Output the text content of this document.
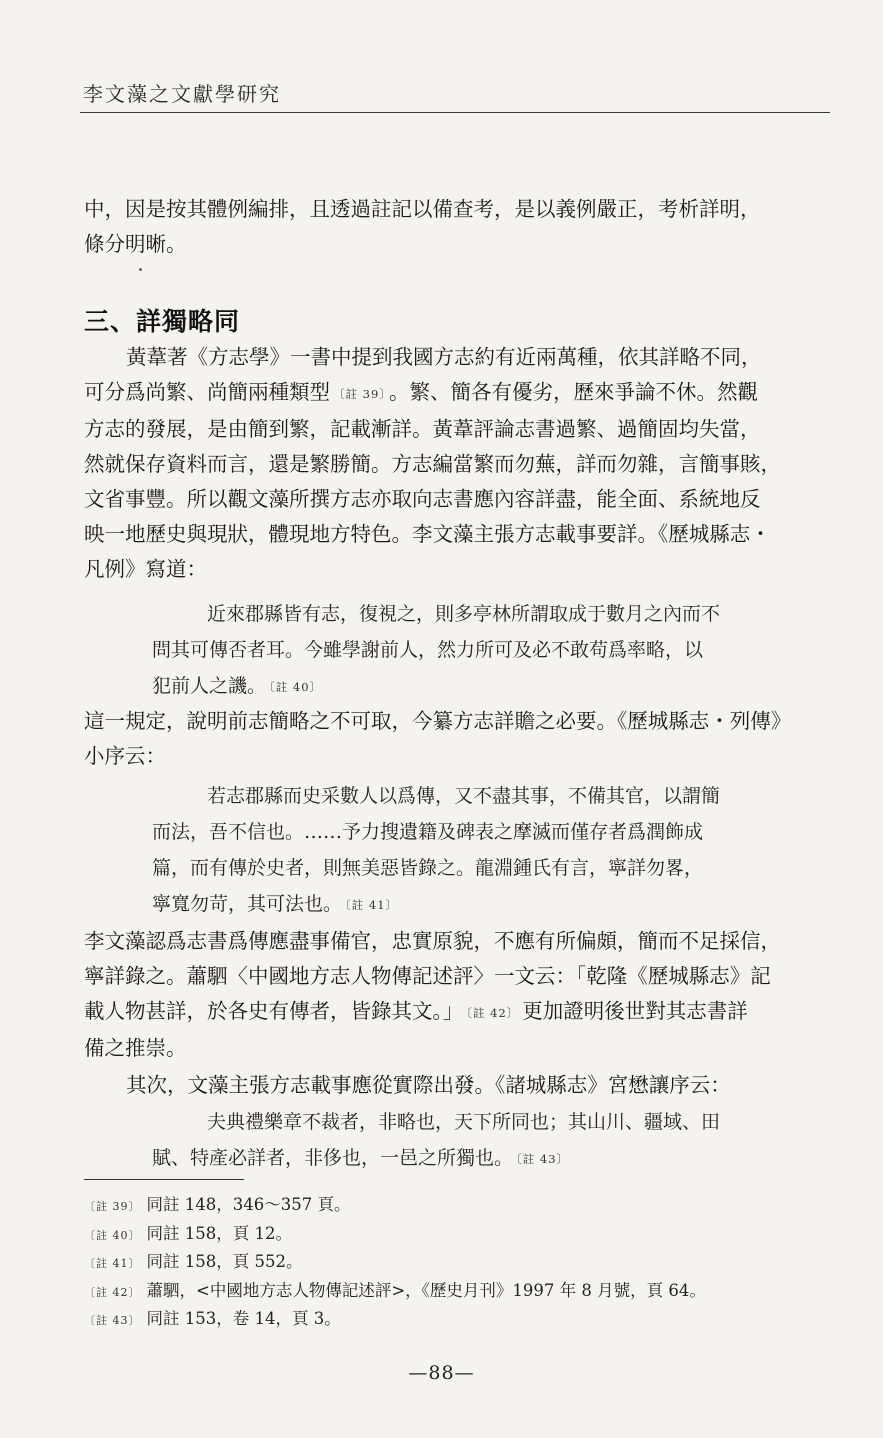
李文藻之文獻學研究
中，因是按其體例編排，且透過註記以備查考，是以義例嚴正，考析詳明，
條分明晰。
三、詳獨略同
黃葦著《方志學》一書中提到我國方志約有近兩萬種，依其詳略不同，
可分爲尚繁、尚簡兩種類型 〔註 39〕 。繁、簡各有優劣，歷來爭論不休。然觀
方志的發展，是由簡到繁，記載漸詳。黃葦評論志書過繁、過簡固均失當，
然就保存資料而言，還是繁勝簡。方志編當繁而勿蕪，詳而勿雜，言簡事賅，
文省事豐。所以觀文藻所撰方志亦取向志書應內容詳盡，能全面、系統地反
映一地歷史與現狀，體現地方特色。李文藻主張方志載事要詳。《歷城縣志・
凡例》寫道：
近來郡縣皆有志，復視之，則多亭林所謂取成于數月之內而不
問其可傳否者耳。今雖學謝前人，然力所可及必不敢苟爲率略，以
犯前人之譏。 〔註 40〕
這一規定，說明前志簡略之不可取，今纂方志詳贍之必要。《歷城縣志・列傳》
小序云：
若志郡縣而史采數人以爲傳，又不盡其事，不備其官，以謂簡
而法，吾不信也。……予力搜遺籍及碑表之摩滅而僅存者爲潤飾成
篇，而有傳於史者，則無美惡皆錄之。龍淵鍾氏有言，寧詳勿畧，
寧寬勿苛，其可法也。 〔註 41〕
李文藻認爲志書爲傳應盡事備官，忠實原貌，不應有所偏頗，簡而不足採信，
寧詳錄之。蕭駟〈中國地方志人物傳記述評〉一文云：「乾隆《歷城縣志》記
載人物甚詳，於各史有傳者，皆錄其文。」 〔註 42〕 更加證明後世對其志書詳
備之推崇。
其次，文藻主張方志載事應從實際出發。《諸城縣志》宮懋讓序云：
夫典禮樂章不裁者，非略也，天下所同也；其山川、疆域、田
賦、特產必詳者，非侈也，一邑之所獨也。 〔註 43〕
〔註 39〕 同註 148，346～357 頁。
〔註 40〕 同註 158，頁 12。
〔註 41〕 同註 158，頁 552。
〔註 42〕 蕭駟，<中國地方志人物傳記述評>，《歷史月刊》1997 年 8 月號，頁 64。
〔註 43〕 同註 153，卷 14，頁 3。
—88—
